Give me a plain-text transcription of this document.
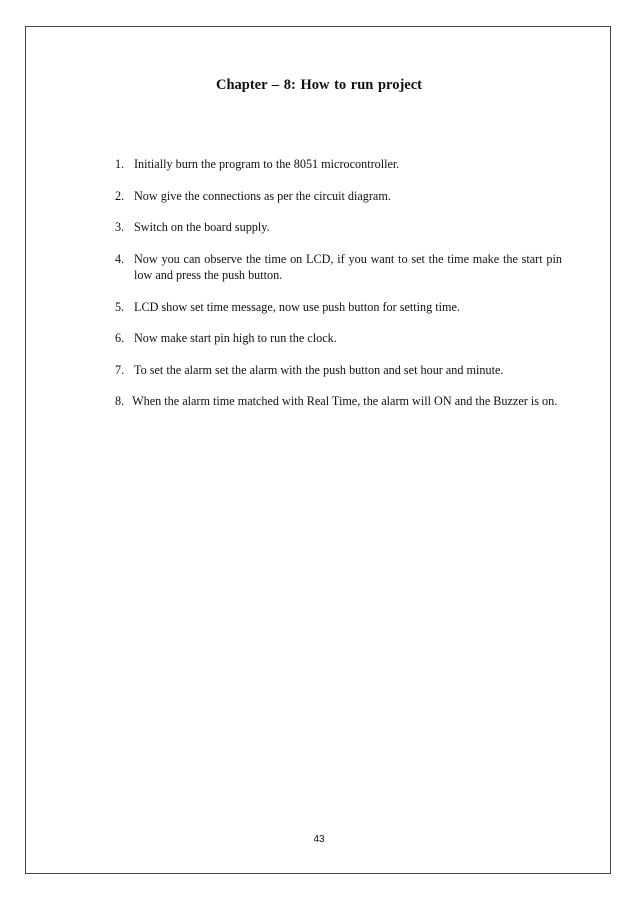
Chapter – 8: How to run project
1. Initially burn the program to the 8051 microcontroller.
2. Now give the connections as per the circuit diagram.
3. Switch on the board supply.
4. Now you can observe the time on LCD, if you want to set the time make the start pin low and press the push button.
5. LCD show set time message, now use push button for setting time.
6. Now make start pin high to run the clock.
7. To set the alarm set the alarm with the push button and set hour and minute.
8. When the alarm time matched with Real Time, the alarm will ON and the Buzzer is on.

43
